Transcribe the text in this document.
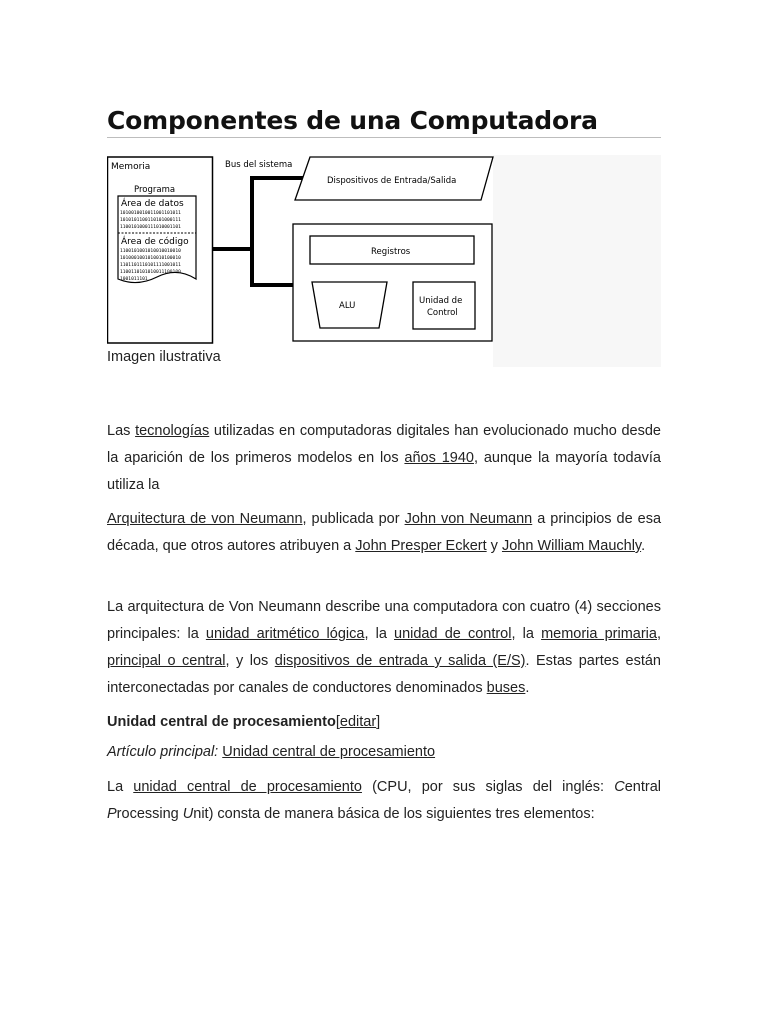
Componentes de una Computadora
Memoria
Programa
Área de datos
1010010010011001101011
1010101100110101000111
1100101000111010001101
Área de código
1100101001010010010010
1010001001010010100010
1101101110101111001011
1100110101010011100100
1001011101
Bus del sistema
Dispositivos de Entrada/Salida
Registros
ALU	Unidad de
Control
Imagen ilustrativa
Las tecnologías utilizadas en computadoras digitales han evolucionado mucho desde la aparición de los primeros modelos en los años 1940, aunque la mayoría todavía utiliza la
Arquitectura de von Neumann, publicada por John von Neumann a principios de esa década, que otros autores atribuyen a John Presper Eckert y John William Mauchly.
La arquitectura de Von Neumann describe una computadora con cuatro (4) secciones principales: la unidad aritmético lógica, la unidad de control, la memoria primaria, principal o central, y los dispositivos de entrada y salida (E/S). Estas partes están interconectadas por canales de conductores denominados buses.
Unidad central de procesamiento[editar]
Artículo principal: Unidad central de procesamiento
La unidad central de procesamiento (CPU, por sus siglas del inglés: Central Processing Unit) consta de manera básica de los siguientes tres elementos:
